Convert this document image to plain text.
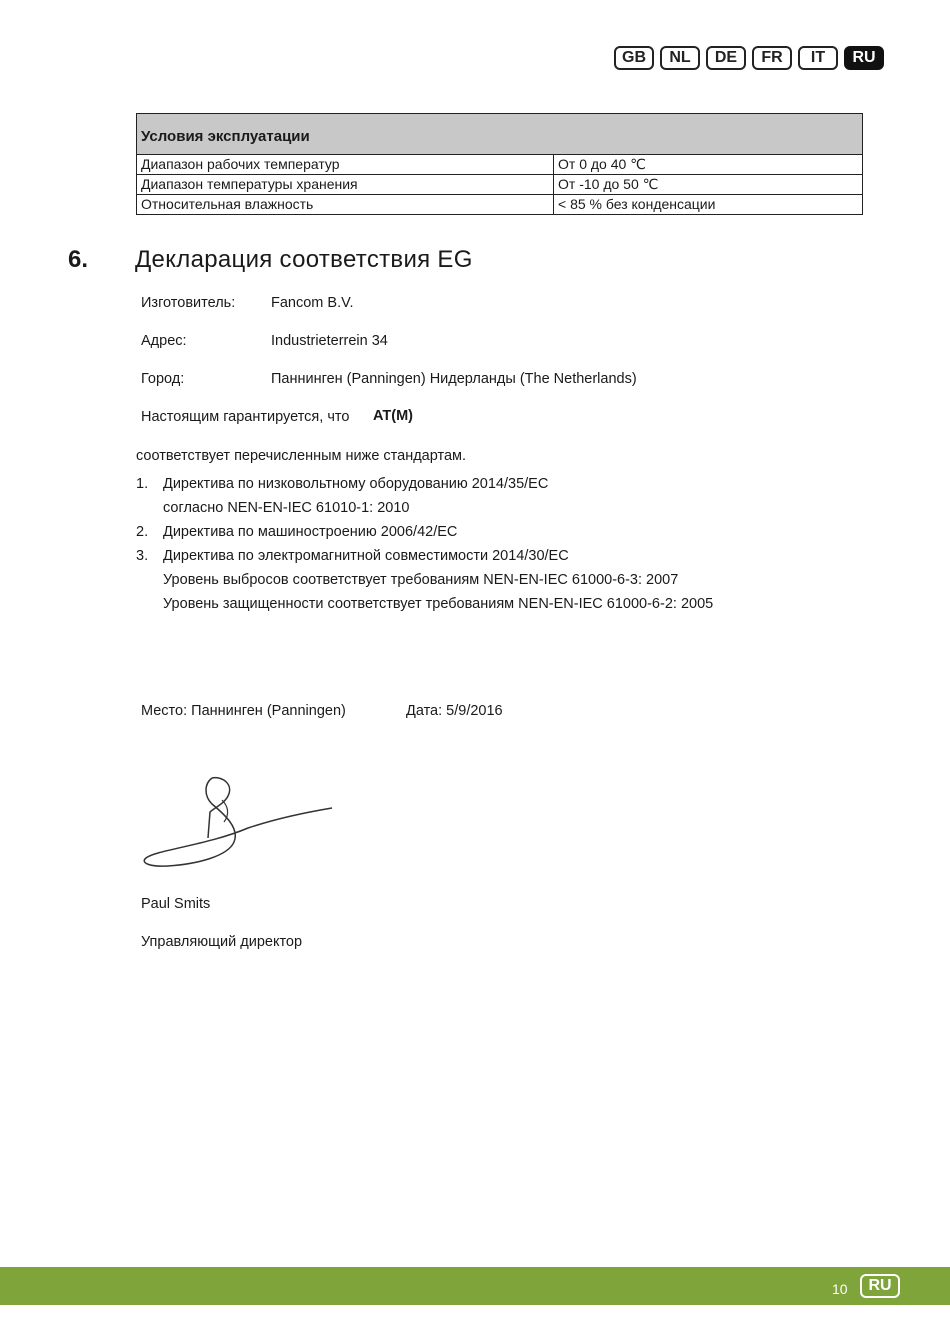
GB	NL	DE	FR	IT	RU
Условия эксплуатации	
Диапазон рабочих температур	От 0 до 40 ℃
Диапазон температуры хранения	От -10 до 50 ℃
Относительная влажность	< 85 % без конденсации
6. Декларация соответствия EG
Изготовитель: Fancom B.V.
Адрес:	Industrieterrein 34
Город:	Паннинген (Panningen) Нидерланды (The Netherlands)
Настоящим гарантируется, что AT(M)
соответствует перечисленным ниже стандартам.
1. Директива по низковольтному оборудованию 2014/35/EC
согласно NEN-EN-IEC 61010-1: 2010
2. Директива по машиностроению 2006/42/EC
3. Директива по электромагнитной совместимости 2014/30/EC
Уровень выбросов соответствует требованиям NEN-EN-IEC 61000-6-3: 2007
Уровень защищенности соответствует требованиям NEN-EN-IEC 61000-6-2: 2005
Место: Паннинген (Panningen)	Дата: 5/9/2016
Paul Smits
Управляющий директор
10	RU
